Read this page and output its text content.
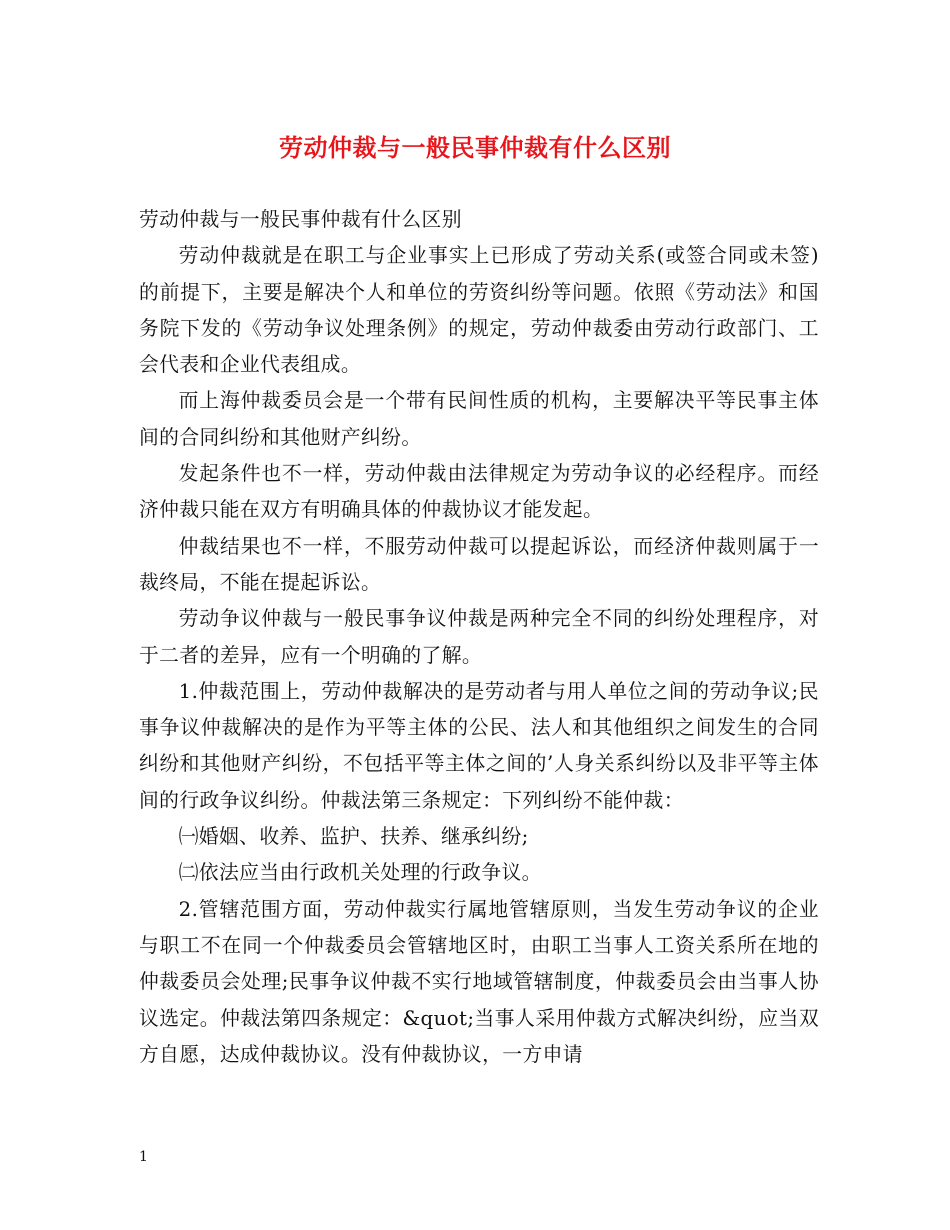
劳动仲裁与一般民事仲裁有什么区别

劳动仲裁与一般民事仲裁有什么区别

劳动仲裁就是在职工与企业事实上已形成了劳动关系(或签合同或未签)的前提下，主要是解决个人和单位的劳资纠纷等问题。依照《劳动法》和国务院下发的《劳动争议处理条例》的规定，劳动仲裁委由劳动行政部门、工会代表和企业代表组成。

而上海仲裁委员会是一个带有民间性质的机构，主要解决平等民事主体间的合同纠纷和其他财产纠纷。

发起条件也不一样，劳动仲裁由法律规定为劳动争议的必经程序。而经济仲裁只能在双方有明确具体的仲裁协议才能发起。

仲裁结果也不一样，不服劳动仲裁可以提起诉讼，而经济仲裁则属于一裁终局，不能在提起诉讼。

劳动争议仲裁与一般民事争议仲裁是两种完全不同的纠纷处理程序，对于二者的差异，应有一个明确的了解。

1.仲裁范围上，劳动仲裁解决的是劳动者与用人单位之间的劳动争议;民事争议仲裁解决的是作为平等主体的公民、法人和其他组织之间发生的合同纠纷和其他财产纠纷，不包括平等主体之间的’人身关系纠纷以及非平等主体间的行政争议纠纷。仲裁法第三条规定：下列纠纷不能仲裁：

㈠婚姻、收养、监护、扶养、继承纠纷;

㈡依法应当由行政机关处理的行政争议。

2.管辖范围方面，劳动仲裁实行属地管辖原则，当发生劳动争议的企业与职工不在同一个仲裁委员会管辖地区时，由职工当事人工资关系所在地的仲裁委员会处理;民事争议仲裁不实行地域管辖制度，仲裁委员会由当事人协议选定。仲裁法第四条规定：&quot;当事人采用仲裁方式解决纠纷，应当双方自愿，达成仲裁协议。没有仲裁协议，一方申请

1
